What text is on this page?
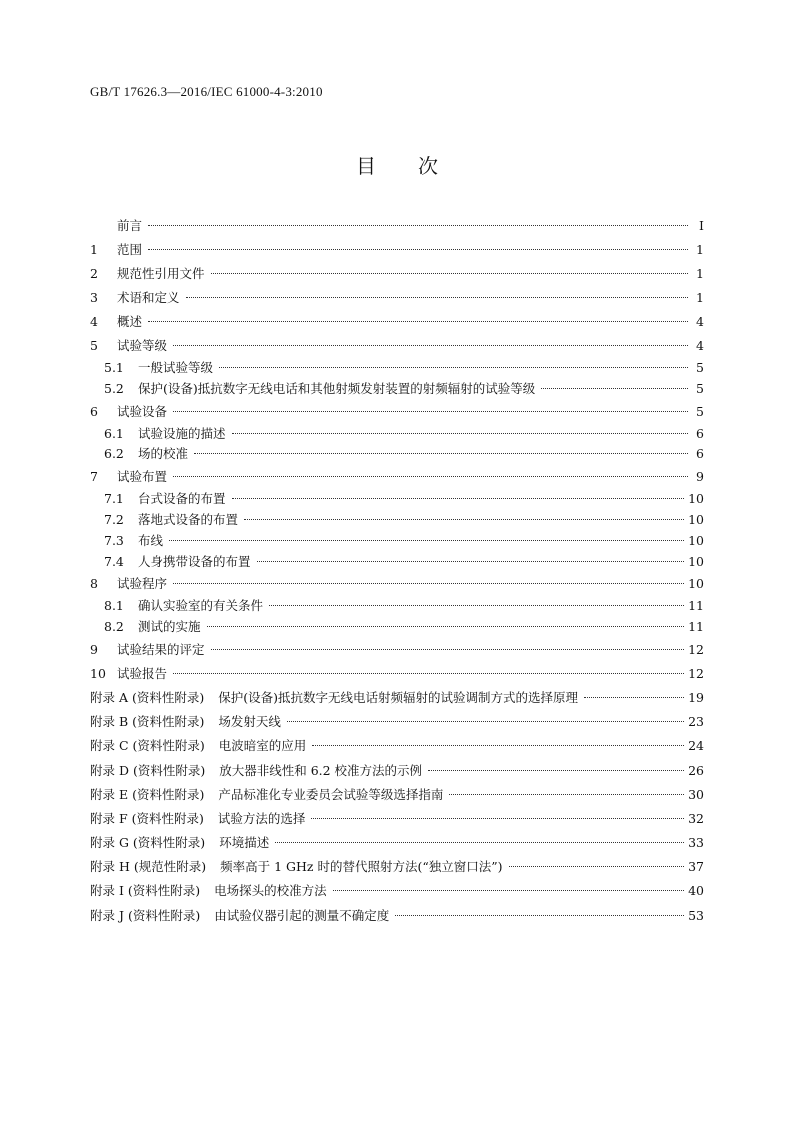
GB/T 17626.3—2016/IEC 61000-4-3:2010
目次
前言	Ⅰ
1	范围	1
2	规范性引用文件	1
3	术语和定义	1
4	概述	4
5	试验等级	4
5.1	一般试验等级	5
5.2	保护(设备)抵抗数字无线电话和其他射频发射装置的射频辐射的试验等级	5
6	试验设备	5
6.1	试验设施的描述	6
6.2	场的校准	6
7	试验布置	9
7.1	台式设备的布置	10
7.2	落地式设备的布置	10
7.3	布线	10
7.4	人身携带设备的布置	10
8	试验程序	10
8.1	确认实验室的有关条件	11
8.2	测试的实施	11
9	试验结果的评定	12
10 试验报告	12
附录 A (资料性附录)	保护(设备)抵抗数字无线电话射频辐射的试验调制方式的选择原理	19
附录 B (资料性附录)	场发射天线	23
附录 C (资料性附录)	电波暗室的应用	24
附录 D (资料性附录)	放大器非线性和 6.2 校准方法的示例	26
附录 E (资料性附录)	产品标准化专业委员会试验等级选择指南	30
附录 F (资料性附录)	试验方法的选择	32
附录 G (资料性附录)	环境描述	33
附录 H (规范性附录)	频率高于 1 GHz 时的替代照射方法(“独立窗口法”)	37
附录 I (资料性附录)	电场探头的校准方法	40
附录 J (资料性附录)	由试验仪器引起的测量不确定度	53
